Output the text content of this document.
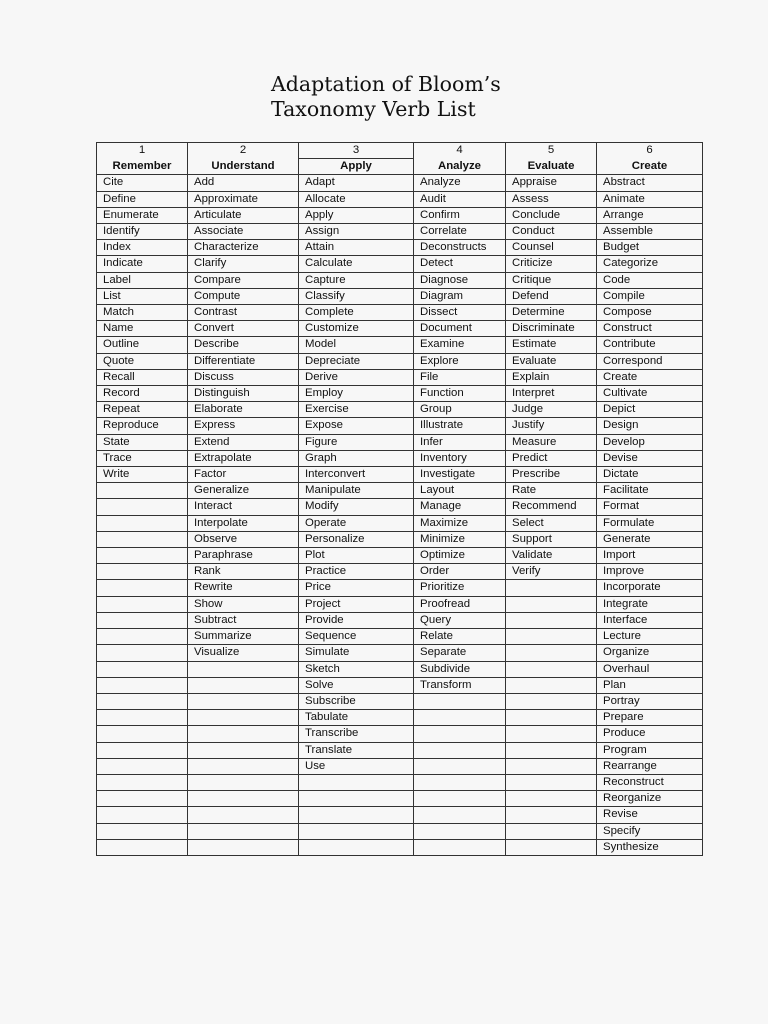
Adaptation of Bloom’s
Taxonomy Verb List
1	2	3	4	5	6
Remember	Understand	Apply	Analyze	Evaluate	Create
Cite	Add	Adapt	Analyze	Appraise	Abstract
Define	Approximate	Allocate	Audit	Assess	Animate
Enumerate	Articulate	Apply	Confirm	Conclude	Arrange
Identify	Associate	Assign	Correlate	Conduct	Assemble
Index	Characterize	Attain	Deconstructs	Counsel	Budget
Indicate	Clarify	Calculate	Detect	Criticize	Categorize
Label	Compare	Capture	Diagnose	Critique	Code
List	Compute	Classify	Diagram	Defend	Compile
Match	Contrast	Complete	Dissect	Determine	Compose
Name	Convert	Customize	Document	Discriminate	Construct
Outline	Describe	Model	Examine	Estimate	Contribute
Quote	Differentiate	Depreciate	Explore	Evaluate	Correspond
Recall	Discuss	Derive	File	Explain	Create
Record	Distinguish	Employ	Function	Interpret	Cultivate
Repeat	Elaborate	Exercise	Group	Judge	Depict
Reproduce	Express	Expose	Illustrate	Justify	Design
State	Extend	Figure	Infer	Measure	Develop
Trace	Extrapolate	Graph	Inventory	Predict	Devise
Write	Factor	Interconvert	Investigate	Prescribe	Dictate
	Generalize	Manipulate	Layout	Rate	Facilitate
	Interact	Modify	Manage	Recommend	Format
	Interpolate	Operate	Maximize	Select	Formulate
	Observe	Personalize	Minimize	Support	Generate
	Paraphrase	Plot	Optimize	Validate	Import
	Rank	Practice	Order	Verify	Improve
	Rewrite	Price	Prioritize		Incorporate
	Show	Project	Proofread		Integrate
	Subtract	Provide	Query		Interface
	Summarize	Sequence	Relate		Lecture
	Visualize	Simulate	Separate		Organize
		Sketch	Subdivide		Overhaul
		Solve	Transform		Plan
		Subscribe			Portray
		Tabulate			Prepare
		Transcribe			Produce
		Translate			Program
		Use			Rearrange
					Reconstruct
					Reorganize
					Revise
					Specify
					Synthesize
